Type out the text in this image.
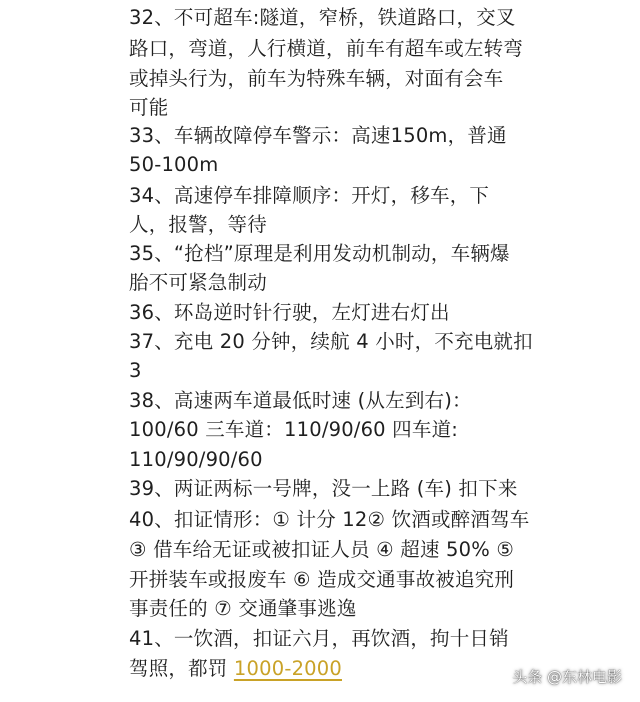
32、不可超车:隧道，窄桥，铁道路口，交叉
路口，弯道，人行横道，前车有超车或左转弯
或掉头行为，前车为特殊车辆，对面有会车
可能
33、车辆故障停车警示：高速150m，普通
50-100m
34、高速停车排障顺序：开灯，移车，下
人，报警，等待
35、“抢档”原理是利用发动机制动，车辆爆
胎不可紧急制动
36、环岛逆时针行驶，左灯进右灯出
37、充电 20 分钟，续航 4 小时，不充电就扣
3
38、高速两车道最低时速 (从左到右)：
100/60 三车道：110/90/60 四车道:
110/90/90/60
39、两证两标一号牌，没一上路 (车) 扣下来
40、扣证情形：① 计分 12② 饮酒或醉酒驾车
③ 借车给无证或被扣证人员 ④ 超速 50% ⑤
开拼装车或报废车 ⑥ 造成交通事故被追究刑
事责任的 ⑦ 交通肇事逃逸
41、一饮酒，扣证六月，再饮酒，拘十日销
驾照，都罚 1000-2000	头条 @东林电影
